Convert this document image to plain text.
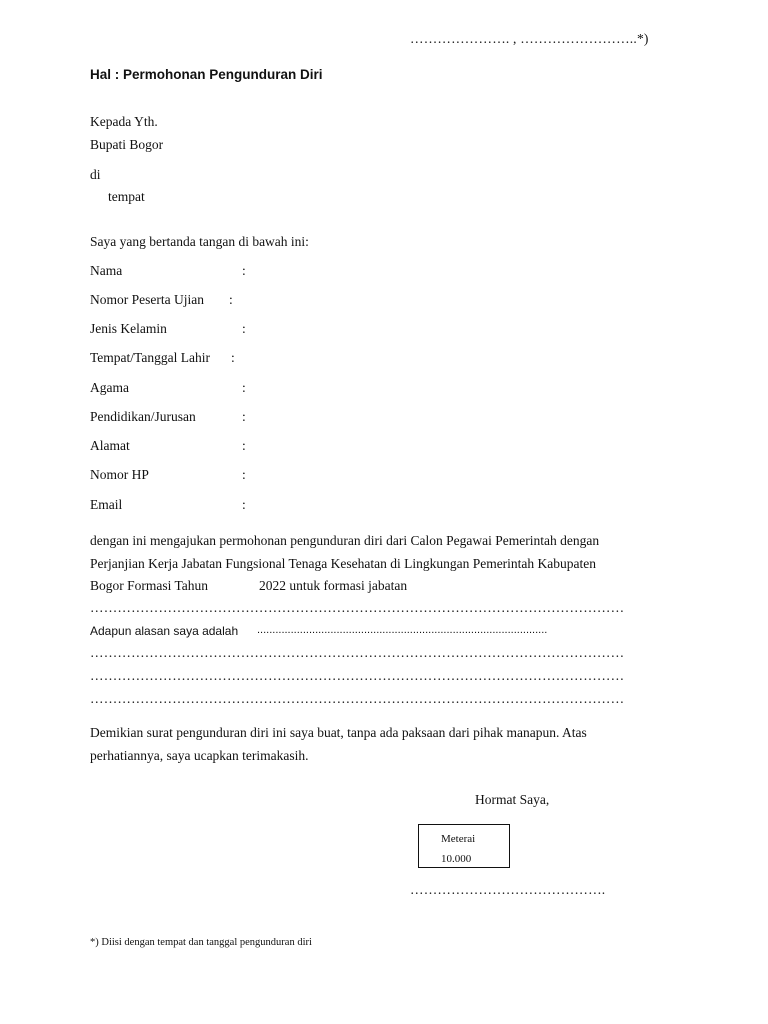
…………………. , ……………………..*)
Hal : Permohonan Pengunduran Diri
Kepada Yth.
Bupati Bogor
di
tempat
Saya yang bertanda tangan di bawah ini:
Nama	:
Nomor Peserta Ujian :
Jenis Kelamin	:
Tempat/Tanggal Lahir :
Agama	:
Pendidikan/Jurusan	:
Alamat	:
Nomor HP	:
Email	:
dengan ini mengajukan permohonan pengunduran diri dari Calon Pegawai Pemerintah dengan
Perjanjian Kerja Jabatan Fungsional Tenaga Kesehatan di Lingkungan Pemerintah Kabupaten
Bogor Formasi Tahun	2022 untuk formasi jabatan
………………………………………………………………………………………………………
Adapun alasan saya adalah ...............................................................................................
………………………………………………………………………………………………………
………………………………………………………………………………………………………
………………………………………………………………………………………………………
Demikian surat pengunduran diri ini saya buat, tanpa ada paksaan dari pihak manapun. Atas
perhatiannya, saya ucapkan terimakasih.
Hormat Saya,
Meterai
10.000
…………………………………….
*) Diisi dengan tempat dan tanggal pengunduran diri
